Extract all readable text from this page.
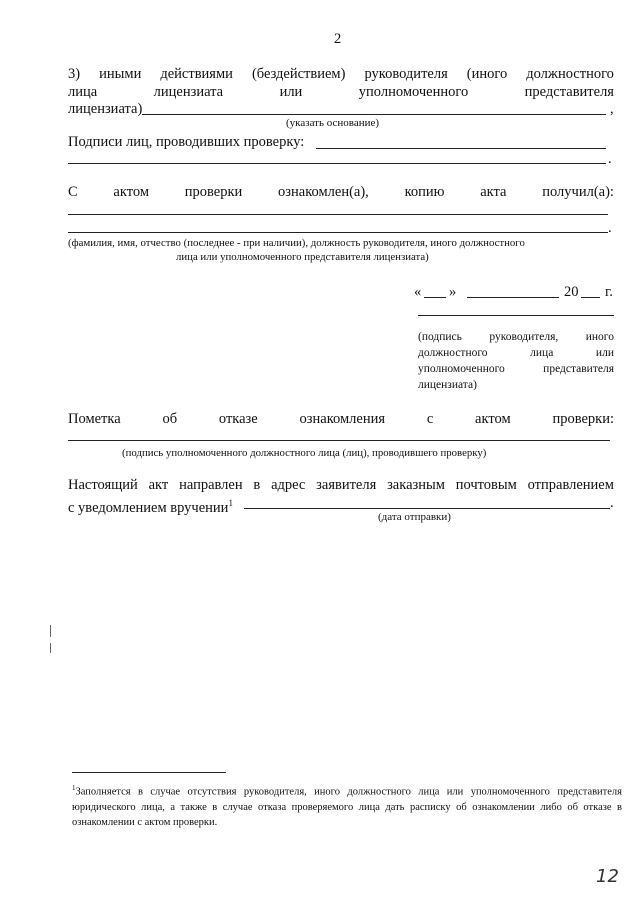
2
3) иными действиями (бездействием) руководителя (иного должностного
лица	лицензиата	или	уполномоченного	представителя
лицензиата)	,
(указать основание)
Подписи лиц, проводивших проверку:
.
С актом проверки ознакомлен(а), копию акта получил(а):
.
(фамилия, имя, отчество (последнее - при наличии), должность руководителя, иного должностного
лица или уполномоченного представителя лицензиата)
« »	20 г.
(подпись руководителя, иного
должностного	лица	или
уполномоченного	представителя
лицензиата)
Пометка	об	отказе	ознакомления	с	актом	проверки:
(подпись уполномоченного должностного лица (лиц), проводившего проверку)
Настоящий акт направлен в адрес заявителя заказным почтовым отправлением
с уведомлением вручении$^1$	.
(дата отправки)
$^1$Заполняется в случае отсутствия руководителя, иного должностного лица или уполномоченного представителя юридического лица, а также в случае отказа проверяемого лица дать расписку об ознакомлении либо об отказе в ознакомлении с актом проверки.
12
